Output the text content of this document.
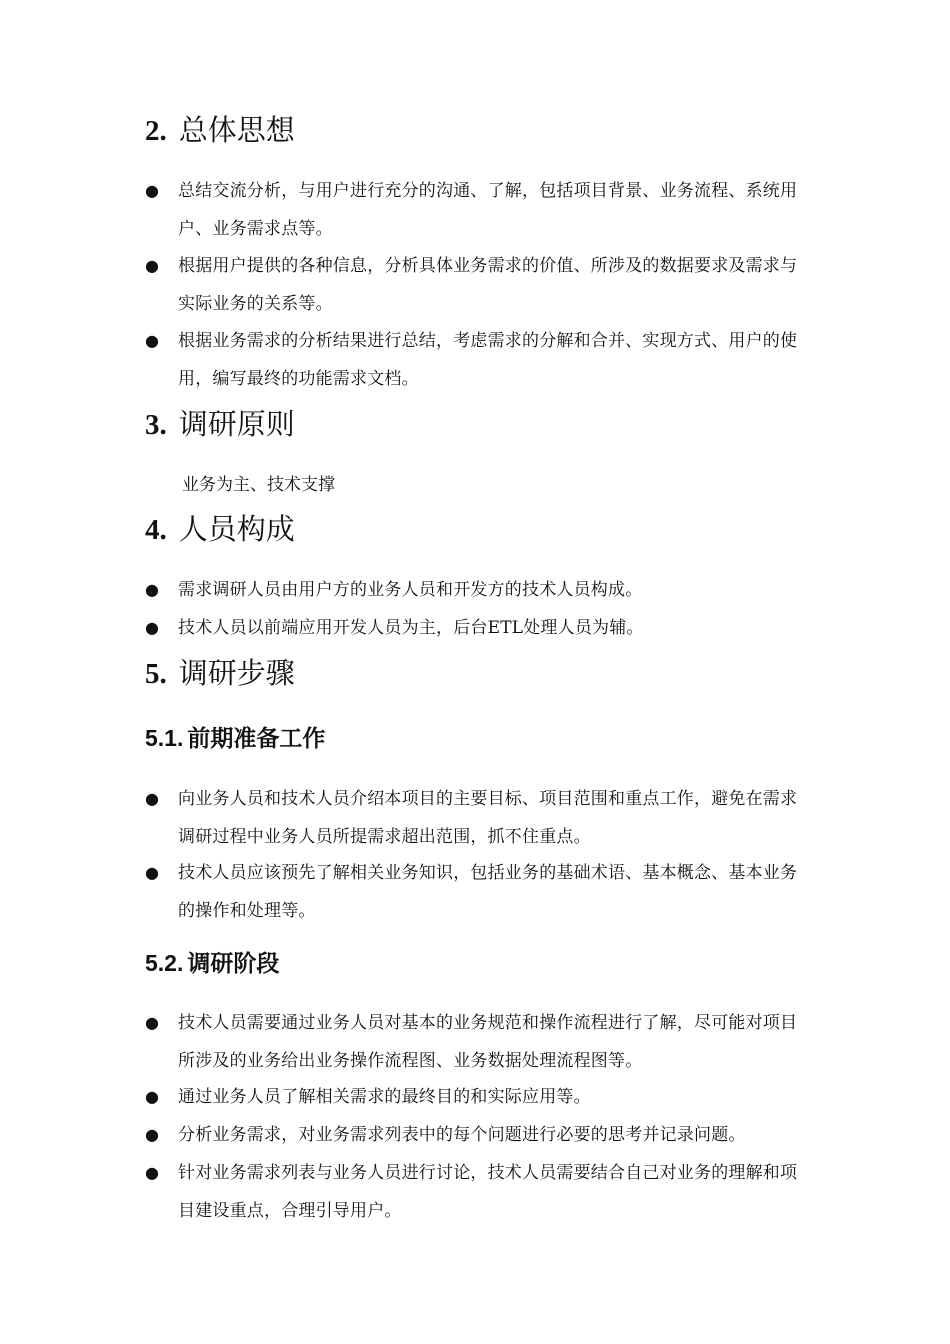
2. 总体思想
● 总结交流分析，与用户进行充分的沟通、了解，包括项目背景、业务流程、系统用户、业务需求点等。
● 根据用户提供的各种信息，分析具体业务需求的价值、所涉及的数据要求及需求与实际业务的关系等。
● 根据业务需求的分析结果进行总结，考虑需求的分解和合并、实现方式、用户的使用，编写最终的功能需求文档。
3. 调研原则
业务为主、技术支撑
4. 人员构成
● 需求调研人员由用户方的业务人员和开发方的技术人员构成。
● 技术人员以前端应用开发人员为主，后台ETL处理人员为辅。
5. 调研步骤
5.1. 前期准备工作
● 向业务人员和技术人员介绍本项目的主要目标、项目范围和重点工作，避免在需求调研过程中业务人员所提需求超出范围，抓不住重点。
● 技术人员应该预先了解相关业务知识，包括业务的基础术语、基本概念、基本业务的操作和处理等。
5.2. 调研阶段
● 技术人员需要通过业务人员对基本的业务规范和操作流程进行了解，尽可能对项目所涉及的业务给出业务操作流程图、业务数据处理流程图等。
● 通过业务人员了解相关需求的最终目的和实际应用等。
● 分析业务需求，对业务需求列表中的每个问题进行必要的思考并记录问题。
● 针对业务需求列表与业务人员进行讨论，技术人员需要结合自己对业务的理解和项目建设重点，合理引导用户。
